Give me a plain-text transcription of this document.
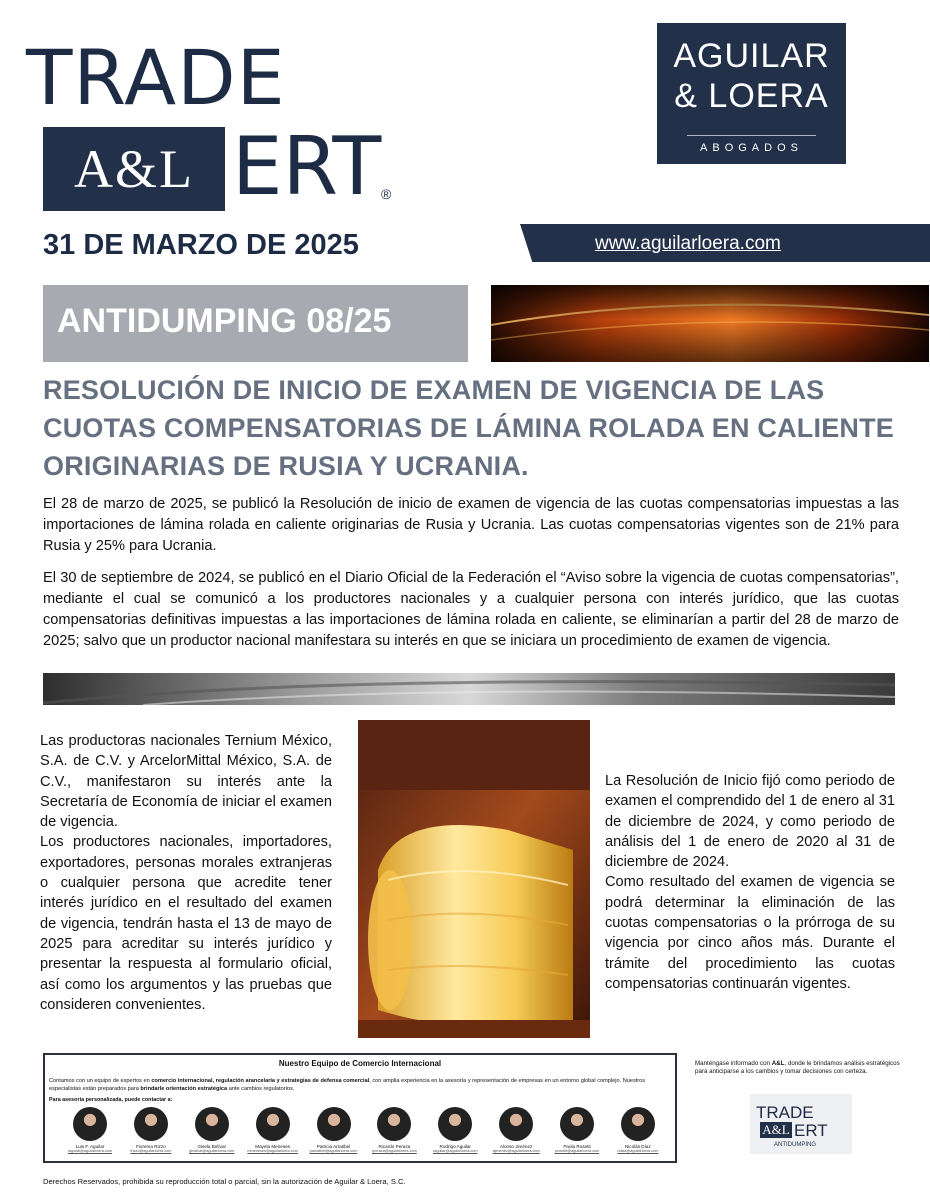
TRADE
A&L ERT ®
AGUILAR
& LOERA
ABOGADOS
31 DE MARZO DE 2025	www.aguilarloera.com
ANTIDUMPING 08/25
RESOLUCIÓN DE INICIO DE EXAMEN DE VIGENCIA DE LAS CUOTAS COMPENSATORIAS DE LÁMINA ROLADA EN CALIENTE ORIGINARIAS DE RUSIA Y UCRANIA.
El 28 de marzo de 2025, se publicó la Resolución de inicio de examen de vigencia de las cuotas compensatorias impuestas a las importaciones de lámina rolada en caliente originarias de Rusia y Ucrania. Las cuotas compensatorias vigentes son de 21% para Rusia y 25% para Ucrania.
El 30 de septiembre de 2024, se publicó en el Diario Oficial de la Federación el “Aviso sobre la vigencia de cuotas compensatorias”, mediante el cual se comunicó a los productores nacionales y a cualquier persona con interés jurídico, que las cuotas compensatorias definitivas impuestas a las importaciones de lámina rolada en caliente, se eliminarían a partir del 28 de marzo de 2025; salvo que un productor nacional manifestara su interés en que se iniciara un procedimiento de examen de vigencia.
Las productoras nacionales Ternium México, S.A. de C.V. y ArcelorMittal México, S.A. de C.V., manifestaron su interés ante la Secretaría de Economía de iniciar el examen de vigencia.
Los productores nacionales, importadores, exportadores, personas morales extranjeras o cualquier persona que acredite tener interés jurídico en el resultado del examen de vigencia, tendrán hasta el 13 de mayo de 2025 para acreditar su interés jurídico y presentar la respuesta al formulario oficial, así como los argumentos y las pruebas que consideren convenientes.
La Resolución de Inicio fijó como periodo de examen el comprendido del 1 de enero al 31 de diciembre de 2024, y como periodo de análisis del 1 de enero de 2020 al 31 de diciembre de 2024.
Como resultado del examen de vigencia se podrá determinar la eliminación de las cuotas compensatorias o la prórroga de su vigencia por cinco años más. Durante el trámite del procedimiento las cuotas compensatorias continuarán vigentes.
Nuestro Equipo de Comercio Internacional
Contamos con un equipo de expertos en comercio internacional, regulación arancelaria y estrategias de defensa comercial, con amplia experiencia en la asesoría y representación de empresas en un entorno global complejo. Nuestros especialistas están preparados para brindarle orientación estratégica ante cambios regulatorios.
Para asesoría personalizada, puede contactar a:
Luis F. Aguilar
laguilar@aguilarloera.com
Fiorema Rizzo
frizzo@aguilarloera.com
Gisela Bolívar
gbolivar@aguilarloera.com
Mayela Meneses
mmeneses@aguilarloera.com
Patricia Arratibel
parratibel@aguilarloera.com
Ricardo Peraza
rperaza@aguilarloera.com
Rodrigo Aguilar
raguilar@aguilarloera.com
Alonso Jiménez
ajimenez@aguilarloera.com
Paola Rosetti
prosetti@aguilarloera.com
Nicolás Díaz
ndiaz@aguilarloera.com
Manténgase informado con A&L, donde le brindamos análisis estratégicos para anticiparse a los cambios y tomar decisiones con certeza.
TRADE
A&L ERT
ANTIDUMPING
Derechos Reservados, prohibida su reproducción total o parcial, sin la autorización de Aguilar & Loera, S.C.
